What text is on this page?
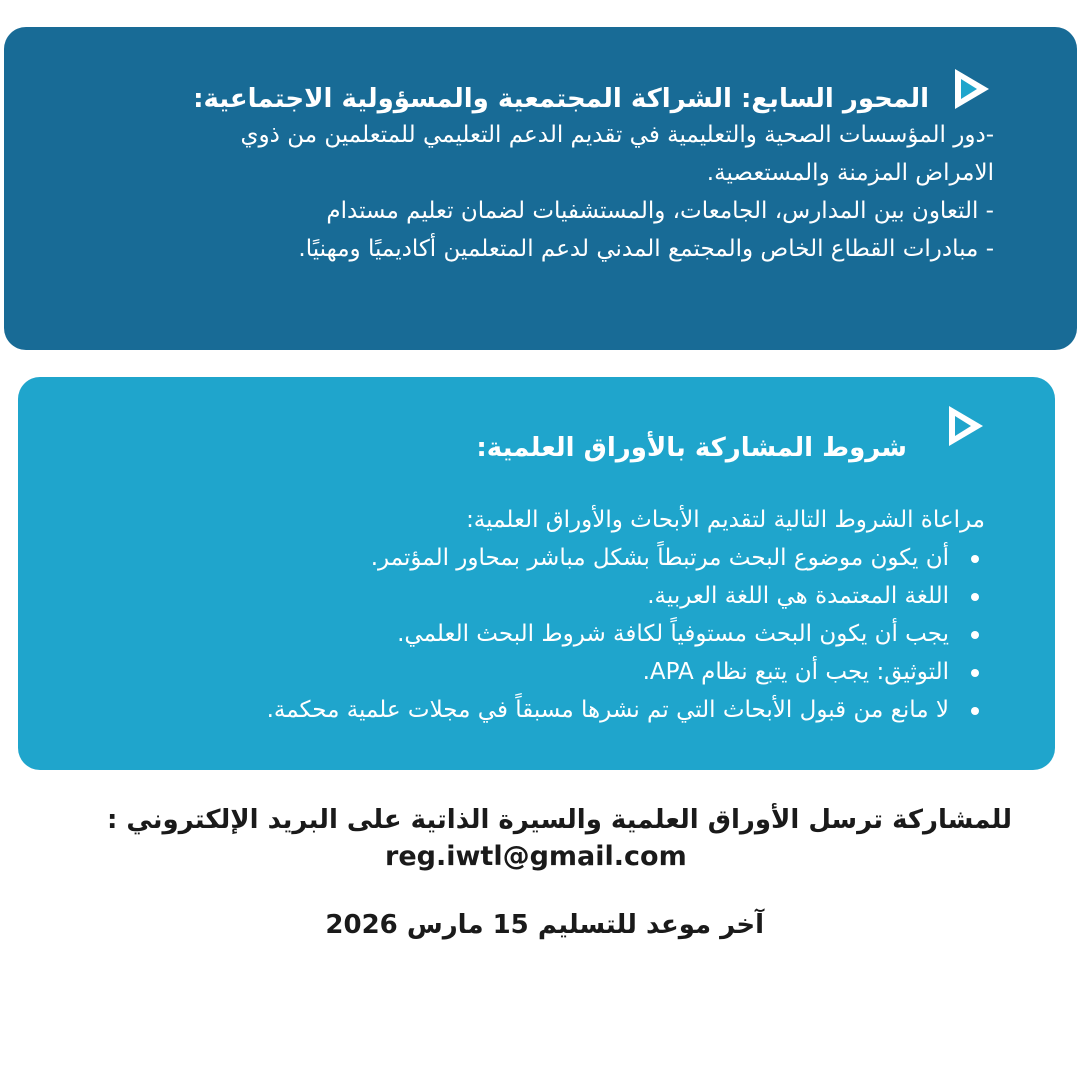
المحور السابع: الشراكة المجتمعية والمسؤولية الاجتماعية:
-دور المؤسسات الصحية والتعليمية في تقديم الدعم التعليمي للمتعلمين من ذوي
الامراض المزمنة والمستعصية.
- التعاون بين المدارس، الجامعات، والمستشفيات لضمان تعليم مستدام
- مبادرات القطاع الخاص والمجتمع المدني لدعم المتعلمين أكاديميًا ومهنيًا.
شروط المشاركة بالأوراق العلمية:
مراعاة الشروط التالية لتقديم الأبحاث والأوراق العلمية:
أن يكون موضوع البحث مرتبطاً بشكل مباشر بمحاور المؤتمر.
اللغة المعتمدة هي اللغة العربية.
يجب أن يكون البحث مستوفياً لكافة شروط البحث العلمي.
التوثيق: يجب أن يتبع نظام APA.
لا مانع من قبول الأبحاث التي تم نشرها مسبقاً في مجلات علمية محكمة.
للمشاركة ترسل الأوراق العلمية والسيرة الذاتية على البريد الإلكتروني :
reg.iwtl@gmail.com
آخر موعد للتسليم 15 مارس 2026
